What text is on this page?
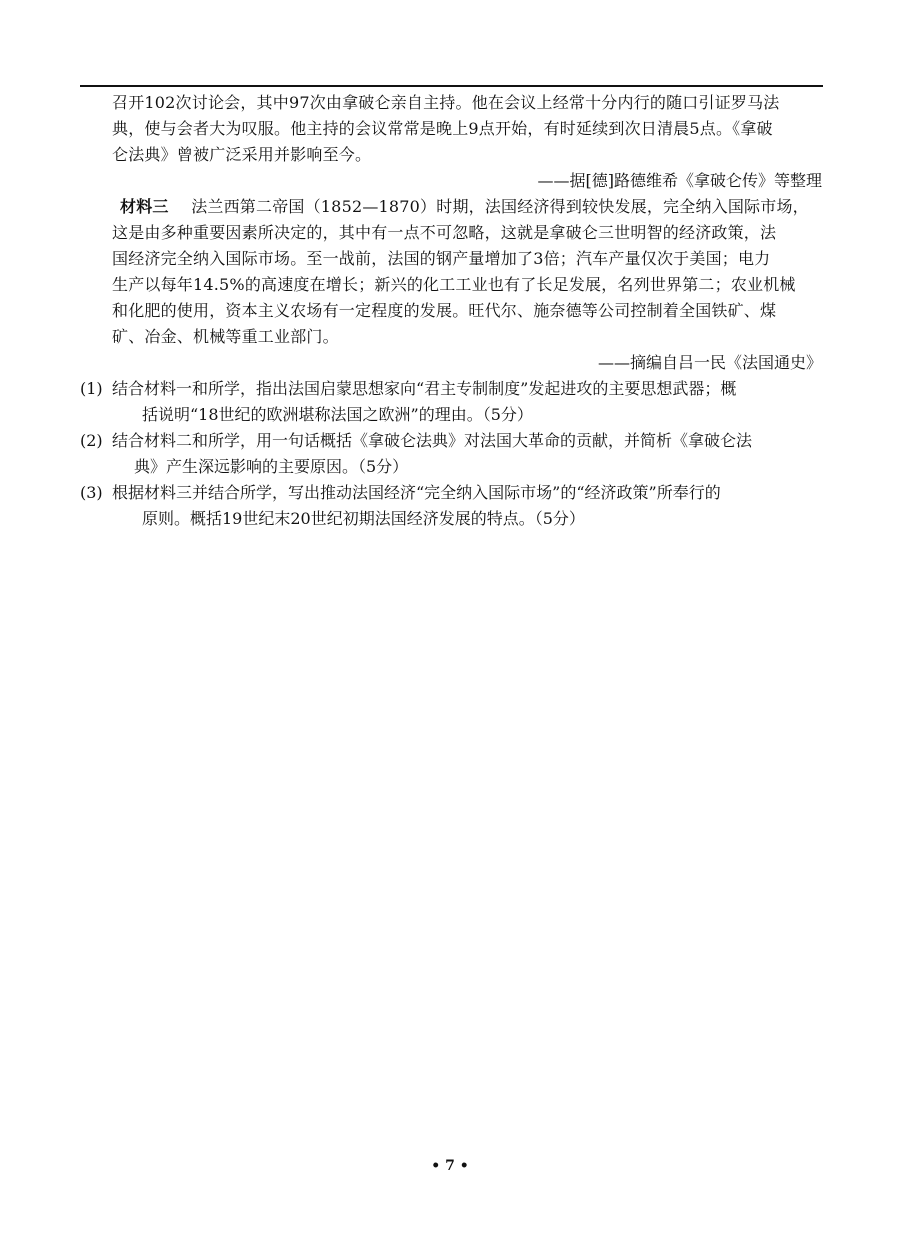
召开102次讨论会，其中97次由拿破仑亲自主持。他在会议上经常十分内行的随口引证罗马法
典，使与会者大为叹服。他主持的会议常常是晚上9点开始，有时延续到次日清晨5点。《拿破
仑法典》曾被广泛采用并影响至今。
——据[德]路德维希《拿破仑传》等整理
材料三 法兰西第二帝国（1852—1870）时期，法国经济得到较快发展，完全纳入国际市场，
这是由多种重要因素所决定的，其中有一点不可忽略，这就是拿破仑三世明智的经济政策，法
国经济完全纳入国际市场。至一战前，法国的钢产量增加了3倍；汽车产量仅次于美国；电力
生产以每年14.5%的高速度在增长；新兴的化工工业也有了长足发展，名列世界第二；农业机械
和化肥的使用，资本主义农场有一定程度的发展。旺代尔、施奈德等公司控制着全国铁矿、煤
矿、冶金、机械等重工业部门。
——摘编自吕一民《法国通史》
(1) 结合材料一和所学，指出法国启蒙思想家向“君主专制制度”发起进攻的主要思想武器；概
括说明“18世纪的欧洲堪称法国之欧洲”的理由。（5分）
(2) 结合材料二和所学，用一句话概括《拿破仑法典》对法国大革命的贡献，并简析《拿破仑法
典》产生深远影响的主要原因。（5分）
(3) 根据材料三并结合所学，写出推动法国经济“完全纳入国际市场”的“经济政策”所奉行的
原则。概括19世纪末20世纪初期法国经济发展的特点。（5分）
• 7 •
